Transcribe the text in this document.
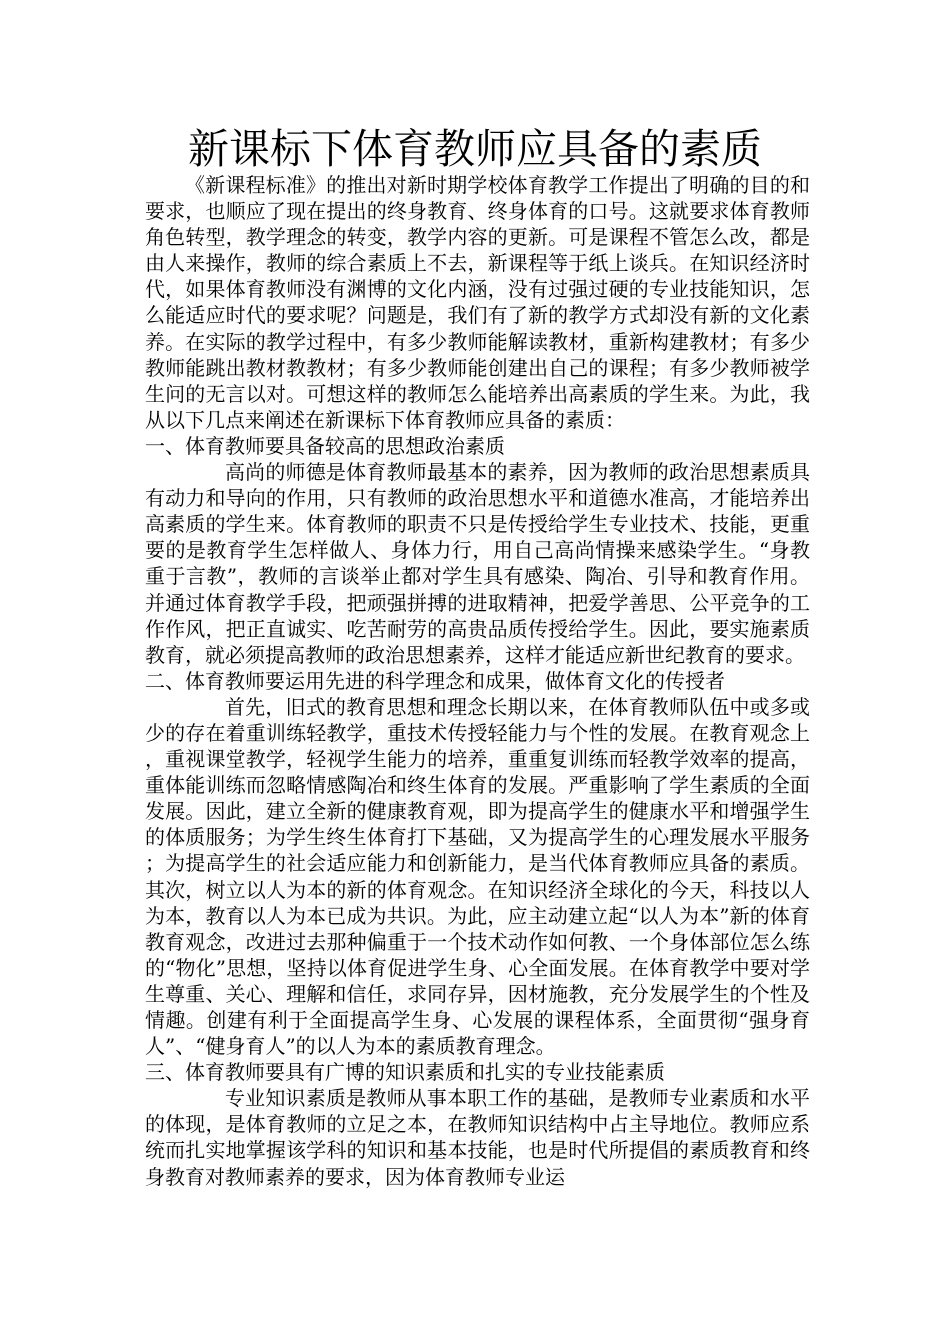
新课标下体育教师应具备的素质

《新课程标准》的推出对新时期学校体育教学工作提出了明确的目的和要求，也顺应了现在提出的终身教育、终身体育的口号。这就要求体育教师角色转型，教学理念的转变，教学内容的更新。可是课程不管怎么改，都是由人来操作，教师的综合素质上不去，新课程等于纸上谈兵。在知识经济时代，如果体育教师没有渊博的文化内涵，没有过强过硬的专业技能知识，怎么能适应时代的要求呢？问题是，我们有了新的教学方式却没有新的文化素养。在实际的教学过程中，有多少教师能解读教材，重新构建教材；有多少教师能跳出教材教教材；有多少教师能创建出自己的课程；有多少教师被学生问的无言以对。可想这样的教师怎么能培养出高素质的学生来。为此，我从以下几点来阐述在新课标下体育教师应具备的素质：

一、体育教师要具备较高的思想政治素质

高尚的师德是体育教师最基本的素养，因为教师的政治思想素质具有动力和导向的作用，只有教师的政治思想水平和道德水准高，才能培养出高素质的学生来。体育教师的职责不只是传授给学生专业技术、技能，更重要的是教育学生怎样做人、身体力行，用自己高尚情操来感染学生。“身教重于言教”，教师的言谈举止都对学生具有感染、陶冶、引导和教育作用。并通过体育教学手段，把顽强拼搏的进取精神，把爱学善思、公平竞争的工作作风，把正直诚实、吃苦耐劳的高贵品质传授给学生。因此，要实施素质教育，就必须提高教师的政治思想素养，这样才能适应新世纪教育的要求。

二、体育教师要运用先进的科学理念和成果，做体育文化的传授者

首先，旧式的教育思想和理念长期以来，在体育教师队伍中或多或少的存在着重训练轻教学，重技术传授轻能力与个性的发展。在教育观念上，重视课堂教学，轻视学生能力的培养，重重复训练而轻教学效率的提高，重体能训练而忽略情感陶冶和终生体育的发展。严重影响了学生素质的全面发展。因此，建立全新的健康教育观，即为提高学生的健康水平和增强学生的体质服务；为学生终生体育打下基础，又为提高学生的心理发展水平服务；为提高学生的社会适应能力和创新能力，是当代体育教师应具备的素质。其次，树立以人为本的新的体育观念。在知识经济全球化的今天，科技以人为本，教育以人为本已成为共识。为此，应主动建立起“以人为本”新的体育教育观念，改进过去那种偏重于一个技术动作如何教、一个身体部位怎么练的“物化”思想，坚持以体育促进学生身、心全面发展。在体育教学中要对学生尊重、关心、理解和信任，求同存异，因材施教，充分发展学生的个性及情趣。创建有利于全面提高学生身、心发展的课程体系，全面贯彻“强身育人”、“健身育人”的以人为本的素质教育理念。

三、体育教师要具有广博的知识素质和扎实的专业技能素质

专业知识素质是教师从事本职工作的基础，是教师专业素质和水平的体现，是体育教师的立足之本，在教师知识结构中占主导地位。教师应系统而扎实地掌握该学科的知识和基本技能，也是时代所提倡的素质教育和终身教育对教师素养的要求，因为体育教师专业运
